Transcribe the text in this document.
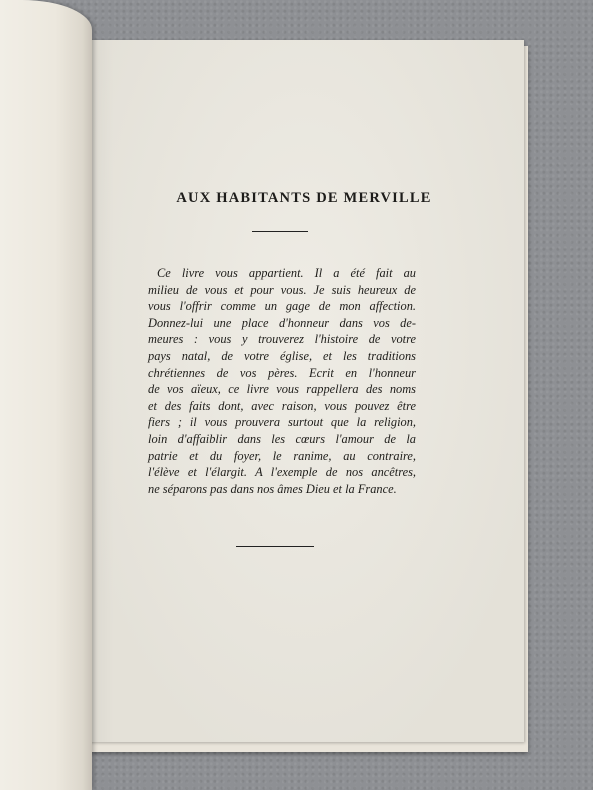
AUX HABITANTS DE MERVILLE

Ce livre vous appartient. Il a été fait au
milieu de vous et pour vous. Je suis heureux de
vous l'offrir comme un gage de mon affection.
Donnez-lui une place d'honneur dans vos de-
meures : vous y trouverez l'histoire de votre
pays natal, de votre église, et les traditions
chrétiennes de vos pères. Ecrit en l'honneur
de vos aïeux, ce livre vous rappellera des noms
et des faits dont, avec raison, vous pouvez être
fiers ; il vous prouvera surtout que la religion,
loin d'affaiblir dans les cœurs l'amour de la
patrie et du foyer, le ranime, au contraire,
l'élève et l'élargit. A l'exemple de nos ancêtres,
ne séparons pas dans nos âmes Dieu et la France.
